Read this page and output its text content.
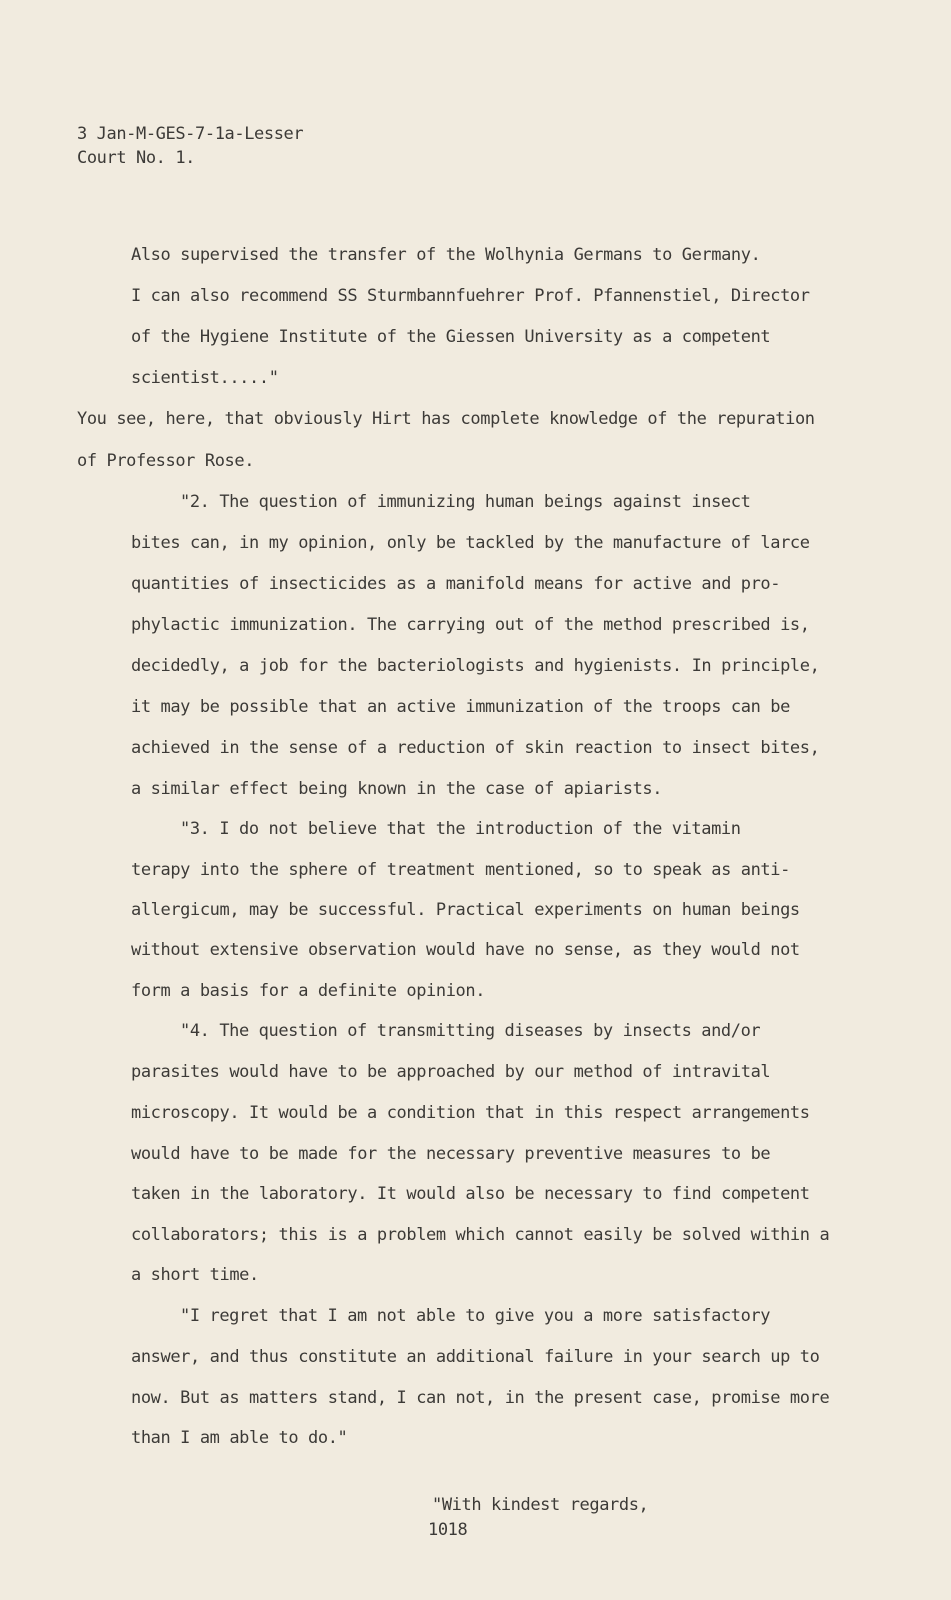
3 Jan-M-GES-7-1a-Lesser
Court No. 1.
Also supervised the transfer of the Wolhynia Germans to Germany.
I can also recommend SS Sturmbannfuehrer Prof. Pfannenstiel, Director
of the Hygiene Institute of the Giessen University as a competent
scientist....."
You see, here, that obviously Hirt has complete knowledge of the repuration
of Professor Rose.
"2. The question of immunizing human beings against insect
bites can, in my opinion, only be tackled by the manufacture of larce
quantities of insecticides as a manifold means for active and pro-
phylactic immunization. The carrying out of the method prescribed is,
decidedly, a job for the bacteriologists and hygienists. In principle,
it may be possible that an active immunization of the troops can be
achieved in the sense of a reduction of skin reaction to insect bites,
a similar effect being known in the case of apiarists.
"3. I do not believe that the introduction of the vitamin
terapy into the sphere of treatment mentioned, so to speak as anti-
allergicum, may be successful. Practical experiments on human beings
without extensive observation would have no sense, as they would not
form a basis for a definite opinion.
"4. The question of transmitting diseases by insects and/or
parasites would have to be approached by our method of intravital
microscopy. It would be a condition that in this respect arrangements
would have to be made for the necessary preventive measures to be
taken in the laboratory. It would also be necessary to find competent
collaborators; this is a problem which cannot easily be solved within a
a short time.
"I regret that I am not able to give you a more satisfactory
answer, and thus constitute an additional failure in your search up to
now. But as matters stand, I can not, in the present case, promise more
than I am able to do."
"With kindest regards,
1018
